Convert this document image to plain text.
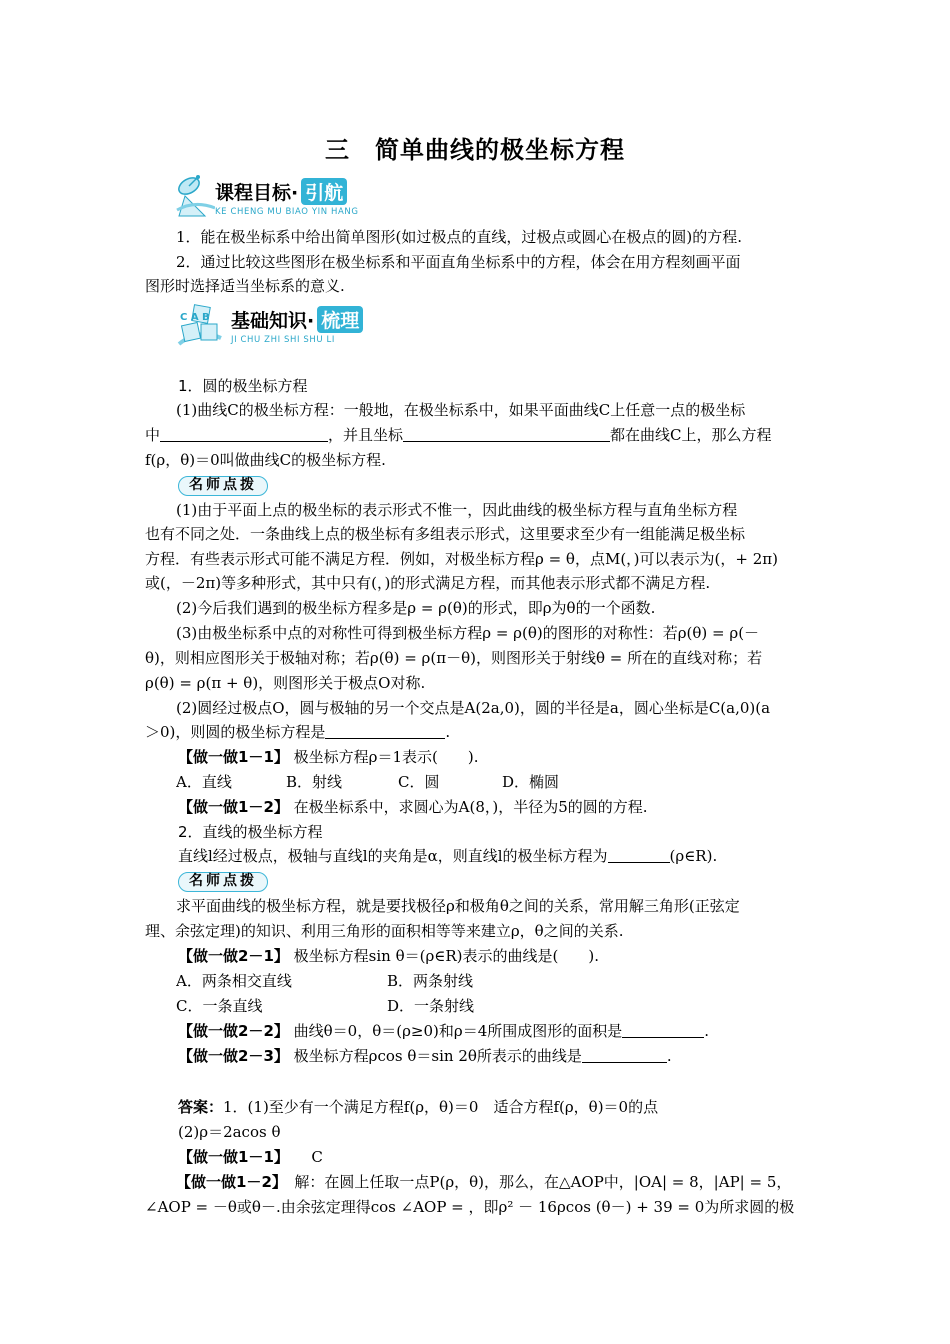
三　简单曲线的极坐标方程
课程目标· 引航
KE CHENG MU BIAO YIN HANG
1．能在极坐标系中给出简单图形(如过极点的直线，过极点或圆心在极点的圆)的方程.
2．通过比较这些图形在极坐标系和平面直角坐标系中的方程，体会在用方程刻画平面
图形时选择适当坐标系的意义.
C A B 基础知识· 梳理
JI CHU ZHI SHI SHU LI
1．圆的极坐标方程
(1)曲线C的极坐标方程：一般地，在极坐标系中，如果平面曲线C上任意一点的极坐标
中	，并且坐标	都在曲线C上，那么方程
f(ρ，θ)＝0叫做曲线C的极坐标方程.
名师点拨
(1)由于平面上点的极坐标的表示形式不惟一，因此曲线的极坐标方程与直角坐标方程
也有不同之处．一条曲线上点的极坐标有多组表示形式，这里要求至少有一组能满足极坐标
方程．有些表示形式可能不满足方程．例如，对极坐标方程ρ = θ，点M(，)可以表示为(，+ 2π)
或(，－2π)等多种形式，其中只有(，)的形式满足方程，而其他表示形式都不满足方程.
(2)今后我们遇到的极坐标方程多是ρ = ρ(θ)的形式，即ρ为θ的一个函数.
(3)由极坐标系中点的对称性可得到极坐标方程ρ = ρ(θ)的图形的对称性：若ρ(θ) = ρ(－
θ)，则相应图形关于极轴对称；若ρ(θ) = ρ(π－θ)，则图形关于射线θ = 所在的直线对称；若
ρ(θ) = ρ(π + θ)，则图形关于极点O对称.
(2)圆经过极点O，圆与极轴的另一个交点是A(2a,0)，圆的半径是a，圆心坐标是C(a,0)(a
＞0)，则圆的极坐标方程是	.
【做一做1－1】 极坐标方程ρ＝1表示(　　).
A．直线	B．射线	C．圆	D．椭圆
【做一做1－2】 在极坐标系中，求圆心为A(8，)，半径为5的圆的方程.
2．直线的极坐标方程
直线l经过极点，极轴与直线l的夹角是α，则直线l的极坐标方程为	(ρ∈R).
名师点拨
求平面曲线的极坐标方程，就是要找极径ρ和极角θ之间的关系，常用解三角形(正弦定
理、余弦定理)的知识、利用三角形的面积相等等来建立ρ，θ之间的关系.
【做一做2－1】 极坐标方程sin θ＝(ρ∈R)表示的曲线是(　　).
A．两条相交直线	B．两条射线
C．一条直线	D．一条射线
【做一做2－2】 曲线θ＝0，θ＝(ρ≥0)和ρ＝4所围成图形的面积是	.
【做一做2－3】 极坐标方程ρcos θ＝sin 2θ所表示的曲线是	.
答案：1．(1)至少有一个满足方程f(ρ，θ)＝0　适合方程f(ρ，θ)＝0的点
(2)ρ＝2acos θ
【做一做1－1】　　 C
【做一做1－2】　 解：在圆上任取一点P(ρ，θ)，那么，在△AOP中，|OA| = 8，|AP| = 5，
∠AOP = －θ或θ－.由余弦定理得cos ∠AOP = ，即ρ² － 16ρcos (θ－) + 39 = 0为所求圆的极
